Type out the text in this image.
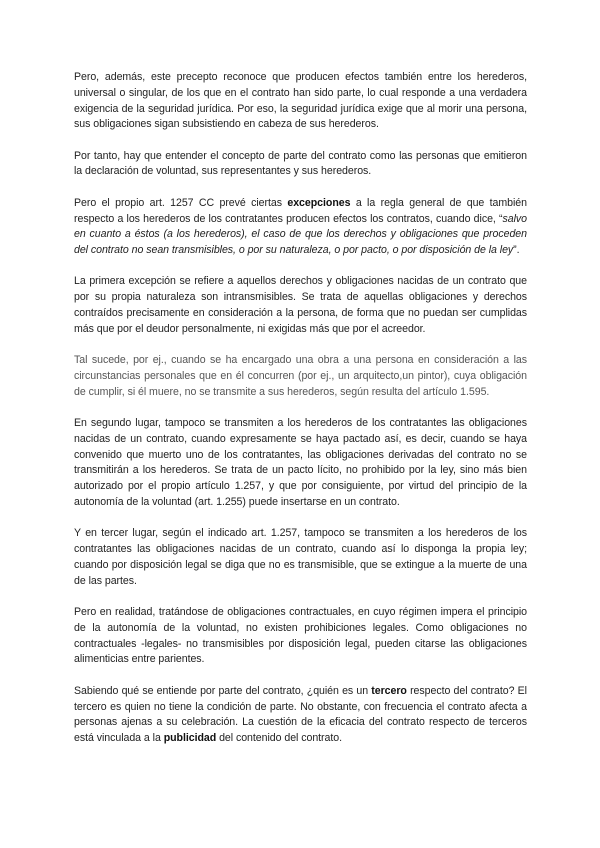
Pero, además, este precepto reconoce que producen efectos también entre los herederos, universal o singular, de los que en el contrato han sido parte, lo cual responde a una verdadera exigencia de la seguridad jurídica. Por eso, la seguridad jurídica exige que al morir una persona, sus obligaciones sigan subsistiendo en cabeza de sus herederos.

Por tanto, hay que entender el concepto de parte del contrato como las personas que emitieron la declaración de voluntad, sus representantes y sus herederos.

Pero el propio art. 1257 CC prevé ciertas excepciones a la regla general de que también respecto a los herederos de los contratantes producen efectos los contratos, cuando dice, “salvo en cuanto a éstos (a los herederos), el caso de que los derechos y obligaciones que proceden del contrato no sean transmisibles, o por su naturaleza, o por pacto, o por disposición de la ley”.

La primera excepción se refiere a aquellos derechos y obligaciones nacidas de un contrato que por su propia naturaleza son intransmisibles. Se trata de aquellas obligaciones y derechos contraídos precisamente en consideración a la persona, de forma que no puedan ser cumplidas más que por el deudor personalmente, ni exigidas más que por el acreedor.

Tal sucede, por ej., cuando se ha encargado una obra a una persona en consideración a las circunstancias personales que en él concurren (por ej., un arquitecto,un pintor), cuya obligación de cumplir, si él muere, no se transmite a sus herederos, según resulta del artículo 1.595.

En segundo lugar, tampoco se transmiten a los herederos de los contratantes las obligaciones nacidas de un contrato, cuando expresamente se haya pactado así, es decir, cuando se haya convenido que muerto uno de los contratantes, las obligaciones derivadas del contrato no se transmitirán a los herederos. Se trata de un pacto lícito, no prohibido por la ley, sino más bien autorizado por el propio artículo 1.257, y que por consiguiente, por virtud del principio de la autonomía de la voluntad (art. 1.255) puede insertarse en un contrato.

Y en tercer lugar, según el indicado art. 1.257, tampoco se transmiten a los herederos de los contratantes las obligaciones nacidas de un contrato, cuando así lo disponga la propia ley; cuando por disposición legal se diga que no es transmisible, que se extingue a la muerte de una de las partes.

Pero en realidad, tratándose de obligaciones contractuales, en cuyo régimen impera el principio de la autonomía de la voluntad, no existen prohibiciones legales. Como obligaciones no contractuales -legales- no transmisibles por disposición legal, pueden citarse las obligaciones alimenticias entre parientes.

Sabiendo qué se entiende por parte del contrato, ¿quién es un tercero respecto del contrato? El tercero es quien no tiene la condición de parte. No obstante, con frecuencia el contrato afecta a personas ajenas a su celebración. La cuestión de la eficacia del contrato respecto de terceros está vinculada a la publicidad del contenido del contrato.
